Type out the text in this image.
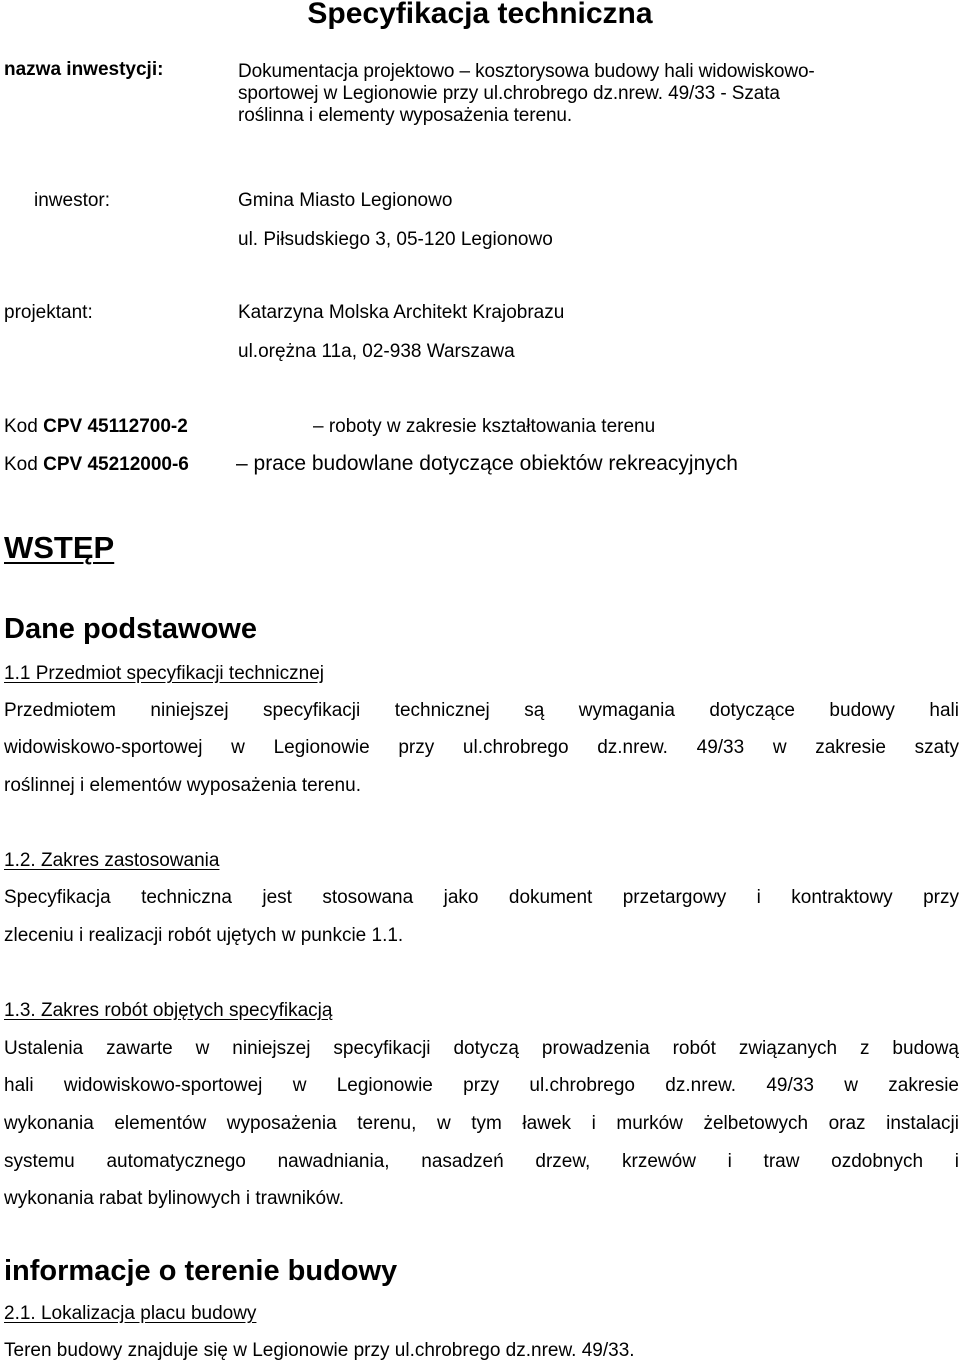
Specyfikacja techniczna
nazwa inwestycji:	Dokumentacja projektowo – kosztorysowa budowy hali widowiskowo-
sportowej w Legionowie przy ul.chrobrego dz.nrew. 49/33 - Szata
roślinna i elementy wyposażenia terenu.
inwestor:	Gmina Miasto Legionowo
ul. Piłsudskiego 3, 05-120 Legionowo
projektant:	Katarzyna Molska Architekt Krajobrazu
ul.orężna 11a, 02-938 Warszawa
Kod CPV 45112700-2	– roboty w zakresie kształtowania terenu
Kod CPV 45212000-6 – prace budowlane dotyczące obiektów rekreacyjnych
WSTĘP
Dane podstawowe
1.1 Przedmiot specyfikacji technicznej
Przedmiotem niniejszej specyfikacji technicznej są wymagania dotyczące budowy hali
widowiskowo-sportowej w Legionowie przy ul.chrobrego dz.nrew. 49/33 w zakresie szaty
roślinnej i elementów wyposażenia terenu.
1.2. Zakres zastosowania
Specyfikacja techniczna jest stosowana jako dokument przetargowy i kontraktowy przy
zleceniu i realizacji robót ujętych w punkcie 1.1.
1.3. Zakres robót objętych specyfikacją
Ustalenia zawarte w niniejszej specyfikacji dotyczą prowadzenia robót związanych z budową
hali widowiskowo-sportowej w Legionowie przy ul.chrobrego dz.nrew. 49/33 w zakresie
wykonania elementów wyposażenia terenu, w tym ławek i murków żelbetowych oraz instalacji
systemu automatycznego nawadniania, nasadzeń drzew, krzewów i traw ozdobnych i
wykonania rabat bylinowych i trawników.
informacje o terenie budowy
2.1. Lokalizacja placu budowy
Teren budowy znajduje się w Legionowie przy ul.chrobrego dz.nrew. 49/33.
